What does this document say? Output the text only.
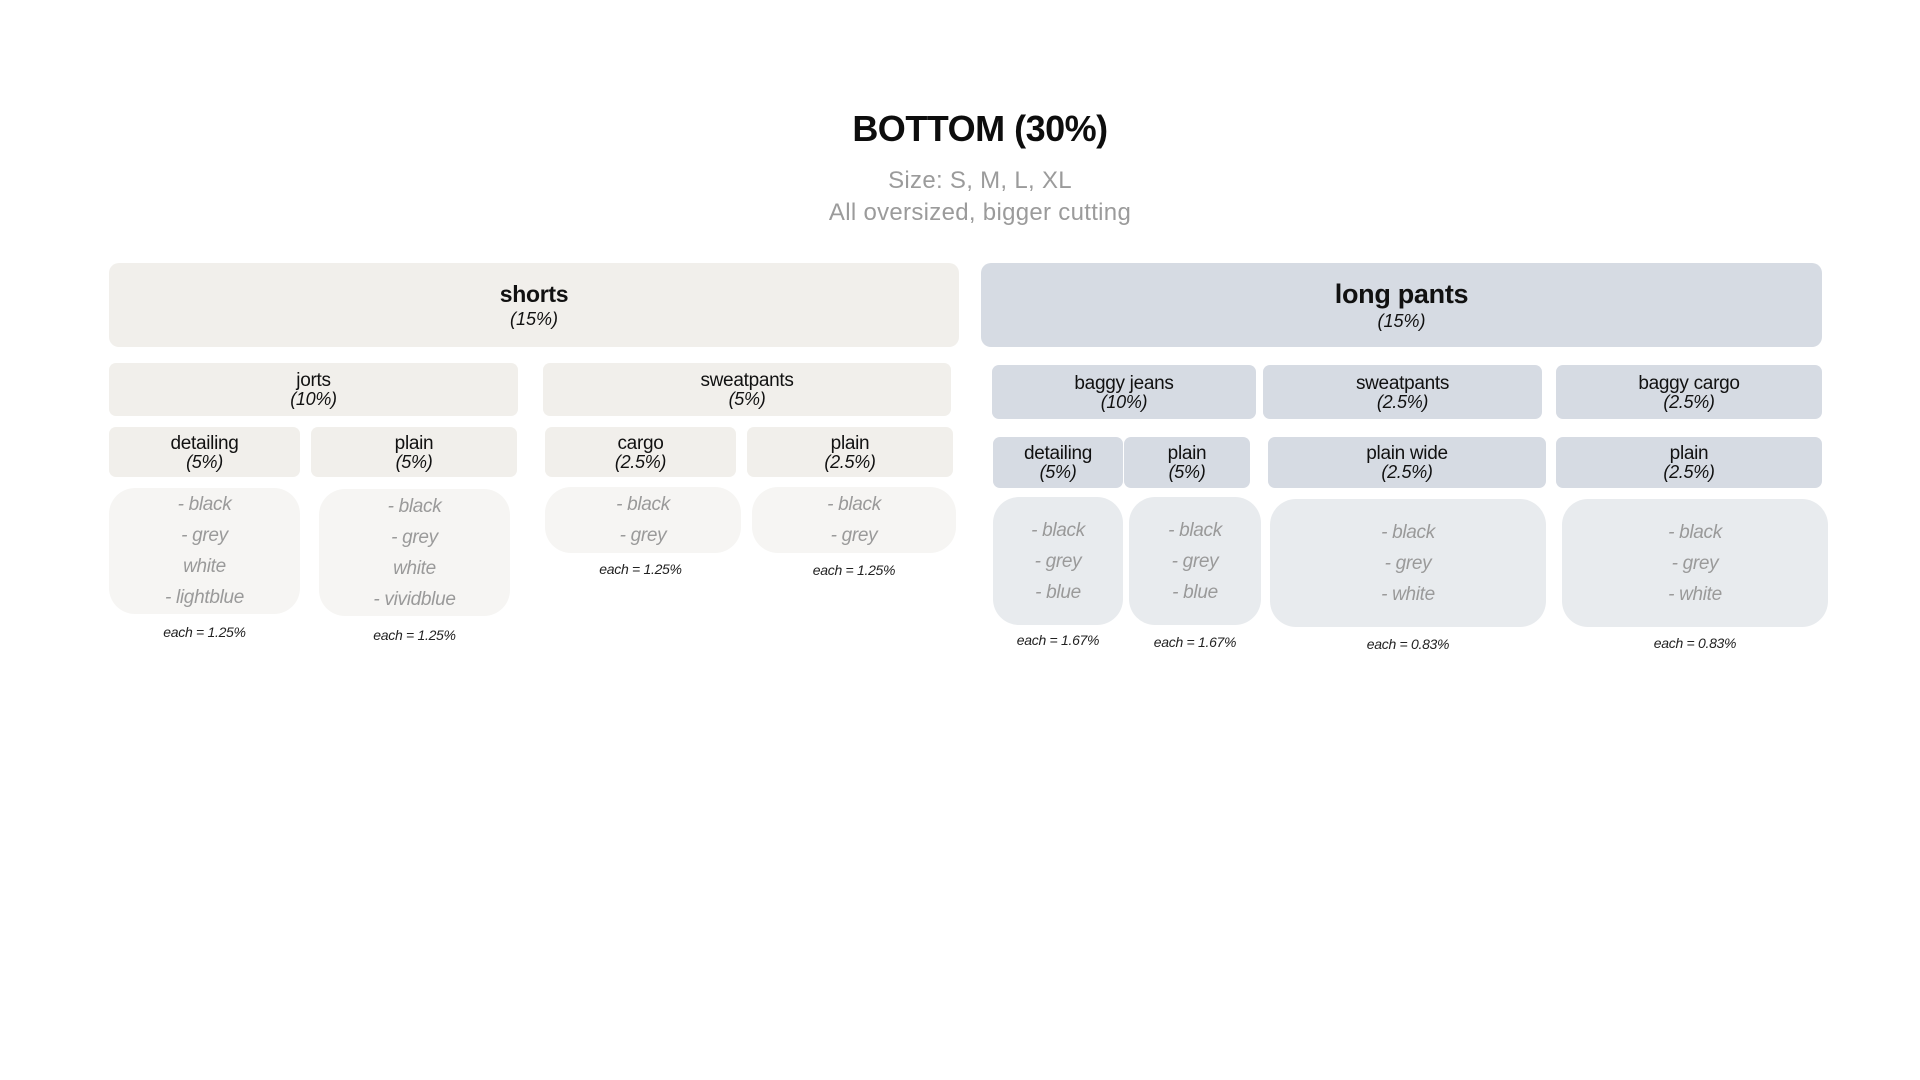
BOTTOM (30%)
Size: S, M, L, XL
All oversized, bigger cutting
shorts
(15%)
jorts
(10%)
sweatpants
(5%)
detailing
(5%)
- black
- grey
white
- lightblue
each = 1.25%
plain
(5%)
- black
- grey
white
- vividblue
each = 1.25%
cargo
(2.5%)
- black
- grey
each = 1.25%
plain
(2.5%)
- black
- grey
each = 1.25%
long pants
(15%)
baggy jeans
(10%)
sweatpants
(2.5%)
baggy cargo
(2.5%)
detailing
(5%)
- black
- grey
- blue
each = 1.67%
plain
(5%)
- black
- grey
- blue
each = 1.67%
plain wide
(2.5%)
- black
- grey
- white
each = 0.83%
plain
(2.5%)
- black
- grey
- white
each = 0.83%
